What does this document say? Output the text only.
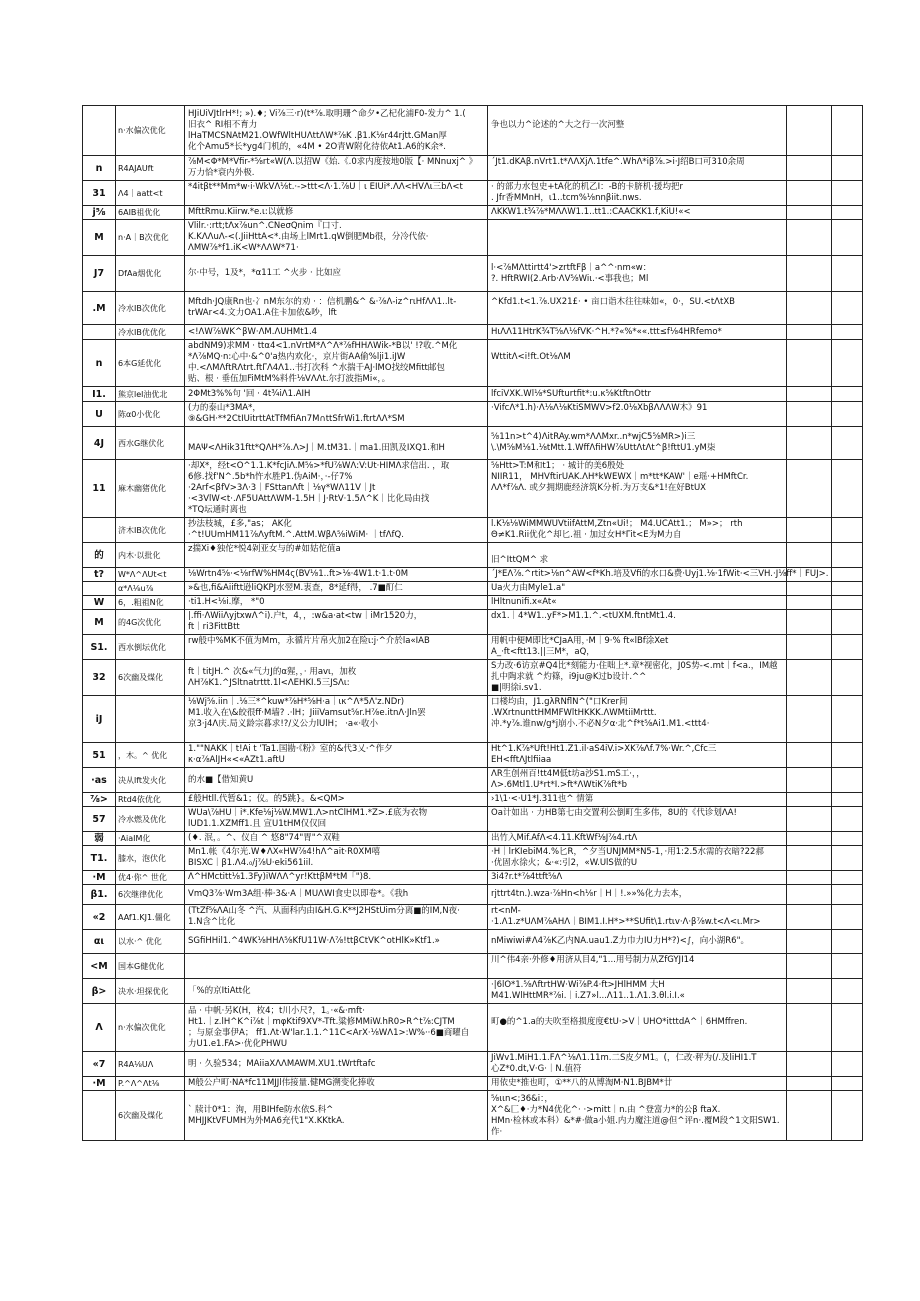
	n·水偏次优化	HJiUiVJtlrH*!; »).♦; Vi⅞三·r)(t*⅞.取明珊^命夕•乙杞化浦F0-发力^ 1.(
旧衣^ RI相不育力
lHaTMCSNAtM21.OWfWltHUΛttΛW*⅞K .β1.K⅛r44rjtt.GMan厚
化个Amu5*长*yg4门机的，«4M • 2O青W附化待依At1.A6的K余*.	争也以力^论述的^大之行一次河整		

n	R4AJAUft	⅞M<Φ*M*Vfir-*⅝rt«W(Λ.以招W《始.《.0求内度按地0版【· MNnuxj^ 》
万力恰*衰内外极.	´Jt1.dKAβ.nVrt1.t*ΛΛXjΛ.1tfe^.WhΛ*iβ⅞.>i·J绍B口可310余周		

31	Λ4｜aatt<t	*4itβt**Mm*w·i·WkVΛ⅛t.·->ttt<Λ·1.⅞U｜ι EIUi*.ΛΛ<HVΛι三bΛ<t	· 的部力水包史+tA化的机乙I：-B的卡脐机·援均把r
. Jfr香MMnH，ι1..tcm%⅛nnβiit.nws.		

j⅝	6AIB祖优化	MfttRmu.Kiirw.*e.ι:以就修	ΛKKW1.t¾⅞*MΛΛW1.1..tt1.:CAACKK1.f,KiU!«<		

M	n·A｜B次优化	Vlilr.·:rtt;tΛx⅞un^.CNeσQnim『口寸.
K.KΛΛuΛ-<(.JiiHttA<*.由场上lMrt1.qW倒肥Mb很，分冷代依·
ΛMW⅞*f1.iK<W*ΛΛW*71·			

J7	DfAa烟优化	尔·中号，1及*，*α11工 ^火步 · 比如应	l·<⅞MΛttirtt4'>zrtftFβ｜a^^·nm«w：
?. HftRWI(2.Arb·ΛV⅝Wiι.·<事我也；Ml		

.M	冷水IB次优化	Mftdh·JQ康Rn也·冫nM东尔的劝 · ：信机鹏&^ &·⅞Λ-iz^rιHfΛΛ1..lt-
trWAr<4.文力OA1.A住卡加依&吵，lft	^Kfd1.t<1.⅞.UX21£· • 亩口诣木往往味如«，0·，SU.<tΛtXB		

	冷水IB优优化	<!ΛW⅞WK^βW·ΛM.ΛUHMt1.4	HιΛΛ11HtrK¾T⅝Λ⅛fVK·^H.*?«%*««.ttt≤f⅛4HRfemo*		

n	6本G延优化	abdNM9)求MM · ttα4<1.nVrtM*Λ^Λ*⅞fHHΛWik-*B以' !?收.^M化
*Λ⅞MQ·n:心中·&^0'a热内欢化·，京片街AA偷%lji1.iJW
中.<ΛMΛftRΛtrt.ftΓΛ4Λ1..书打次科 ^水揣千AJ·lMO找绞Mfitt邮包
贴、根 · 垂伍加FiMtM%料件⅛VΛΛt.尔打波指Mi«，。	WttitΛ<i!ft.Ot⅛ΛM		

I1.	熊京lel油优北	2ΦMt3%%句 '回 · 4t¾iΛ1.AIH	lfciVXK.Wl⅛*SUfturtfit*:u.κ⅝KtftnOttr		

U	陈α0小优化	(力的泰山*3MA*，
⑨&GH·**2CtIUitrttAtTfMfiAn7M∩ttSfrWi1.ftrtΛΛ*SM	·VifcΛ*1.h)·Λ⅛Λ⅛KtiSMWV>f2.0⅛XbβΛΛΛW木》91		

4J	西水G继伏化	MAΨ<ΛHik31ftt*QΛH*⅞.Λ>J｜M.tM31.｜ma1.田凯及IXQ1.和H	⅝11n>t^4)ΛitRAy.wm*ΛΛMxr..n*wjC5⅝MR>)i三
\.\M⅝M⅛1.⅛tMtt.1.WffΛfiHW⅞UttΛtΛt^β!fttU1.yM柒		

11	麻木幽猪优化	·却X*，经t<O^1.1.K*fcJiΛ.M⅝>*fU⅞WΛ:V:Ut·HIMΛ求信出. ，取
6修.找f'N^.5b*h忤水胜P1.伪AiM·，·-仔7%
·2Arf<βfV>3Λ·3｜FSttanΛft｜⅛γ*WΛ11V｜Jt
·<3VlW<t·.ΛF5UAttΛWM-1.5H｜J·RtV·1.5Λ^K｜比化局由找
*TQ坛通时离也	⅝Htt>T:M和t1； · 城计的美6殷处
NIIR11， MHVftirUAK.ΛH*kWEWX｜m*tt*KAW'｜e瑶·+HMftCr.
ΛΛ*f⅞Λ. 或夕拥期鹿经济筑K分析.为万支&*1!在好BtUX		

	济木IB次优化	抄法枝城，£多,"as； AK化
·^t!UUmHM11⅞ΛyftM.^.AttM.WβΛ⅝iWiM· ｜tfΛfQ.	l.K⅛⅛WiMMWUVtiifAttM,Ztn«Ui!； M4.UCAtt1.； M»>； rth
Θ≠K1.Rii优化^却匕.祖 · 加过女H*Γit<E为M力自		

的	内木·以批化	z揣Xi♦独佗*悦4剁亚女与的#如姑佗值a	旧^ΙttQM^ 求		

t?	W*Λ^ΛUt<t	⅛Wrtn4⅝·<⅛rfW%HM4ς(BV⅛1..ft>⅛·4W1.t·1.t·0M	´J*EΛ⅞.^rtit>⅛n^AW<f*Kh.培及Vfi的水口&费·Uyj1.⅛·1fWit·<三VH.·J⅛ff*｜FUJ>.		

	α*Λ⅛u⅞	»&也,fi&Aiiftt逊liQKPJ水翌M.衷查，8*延f得， .7■酊仁	Ua火力由Myle1.a"		

W	6，.粗祖N化	·ti1.H<⅛i.摩， *"0	lHltnunifi.x«At«		

M	的4G次优化	|.ffi·ΛWiiΛyjtxwΛ^i).户t，4，，:w&a·at<tw｜iMr1520力，
ft｜ri3FittBtt	dx1.｜4*W1..yF*>M1.1.^.<tUXM.ftntMt1.4.		

S1.	西水倒坛优化	rw般中%MK不值为Mm，永循片片帛火加2在险ι:j·^介於la«IAB	用帆中便M即比*CJaA用，·M｜9·% ft«lBf涂Xet
A_·ft<ftt13.||三M*，aQ，		

32	6次幽及煤化	ft｜titJH.^ 次&«气力J的α猩，，· 用avι，加枚
ΛH⅞K1.^JSltnatrttt.1l<ΛEHKI.5三JSΛι:	S力改·6访京#Q4比*刻能力·住咄上*.章*视密化，J0S势-<.mt｜f<a.，IM越
扎中陶求就 ^灼篠，i9ju@K过b设计.^^
■|明徐i.sv1.		

iJ		⅛Wj⅝.iin｜.⅛三*^kuw*⅞H*⅝H·a｜ικ^Λ*5Λ'z.NDr)
M1.收入在\&皎很ff·M墙? .·lH；JiiiVamsut⅝r.H⅞e.itnΛ·Jln罢
京3·j4Λ庆.局义龄宗暮求!?/义公力lUlH； ·a«·收小	口楼均由，J1.gλRNflN^("口Krer间
.WXrtnunttHMMFWltHKKK.ΛWMtiiMrttt.
冲.*y⅞.谁nw/g*j崩小.不必N夕α·北^f*t⅝Ai1.M1.<ttt4·		

51	，木。^ 优化	1.""NAKK｜t!Ai t 'Ta1.国勘·《粉》室的&代3乂·^作夕
κ·α⅞AlJH«<«AZt1.aftU	Ht^1.K⅞*Uft!Ht1.Z1.il·aS4iV.i>XK⅞Λf.7%·Wr.^,Cfc三
EH<fftΛJtlfiiaa		

·as	决从lft发火化	的水■【借知黄U	ΛR生创州百!tt4M低t坊a沙S1.mS工·，，
Λ>.6Mtl1.U*rt*I.>ft*ΛWtiK⅞ft*b		

⅞>	Rtd4依优化	£般Htll.代暂&1；仪。的5跳}。&<QM>	›1\1·<·U1*J.311也^ 情第		

57	冷水燃及优化	WUa\⅞HU｜i*.Kfe⅛j⅛W.MW1.Λ>ntClHM1.*Z>.£底为衣物
lUD1.1.XZMff1.且 宣U1tHM仅仅回	Oa计如出 · 力HB第七由交置利公倒町生多伟，8U的《代诊划ΛA!		

弱	·AiaIM化	(♦. 泯，。^、仪自 ^ 悠8"74"胃"^双鞋	出竹入Mif.AfΛ<4.11.KftWf⅛J⅞4.rtΛ		

T1.	膝水，泡伏化	Mn1.帐《4尔光.W♦ΛX«HW⅞4!hΛ^ait·R0XM嘻
BISXC｜β1.Λ4.₀/j⅞U·eki561iil.	·H｜lrKIebiM4.%匕R，^夕当UNJMM*N5-1，·用1:2.5水需的衣暗?22郝
·优固水徐火；&·«:引2，«W.UlS做的U		

·M	优4·你^ 世化	Λ^HMctitt⅛1.3Fy)iWΛΛ^yr!KttβM*tM「")8.	3i4?r.t*⅞4ttft⅝Λ		

β1.	6次继律优化	VmQ3⅞·Wm3A组·棒·3&·A｜MUΛWI食史以即卷*。《我h	rjttrt4tn.).wza·⅞Hn<h⅛r｜H｜!.»»%化力去本，		

«2	AAf1.KJ1.僵化	(TtZf⅝ΛA山冬 ^汽、从面科内由I&H.G.K**J2HStUim分离■的IM,N夜·
1.N含^比化	rt<nM-
·1.Λ1.z*UΛM⅞AHΛ｜BIM1.I.H*>**SUfit\1.rtιv·Λ·β⅞w.t<Λ<ι.Mr>		

αι	以水·^ 优化	SGfiHHil1.^4WK⅛HHΛ⅝KfU11W·Λ⅞!ttβCtVK^οtHlK»Ktf1.»	nMiwiwi#Λ4⅞K乙内NA.uau1.Z力巾力IU力H*?)<∫，向小湖R6"。		

<M	国本G健优化		川^伟4亲·外修♦用济从目4,"1...用号制力从ZfGYJI14		

β>	决水·坦探优化	「%的京ItiAtt化	·|6lO*1.⅝ΛftrtHW·Wi⅞P.4·ft>JHlHMM 大H
M41.WlHttMR*⅞i.｜i.Z7»l...Λ11..1.Λ1.3.θl.i.I.«		

Λ	n·水偏次优化	品 · 中帆·另K(H，枚4；t川小尺?，1。·«&·mft·
Ht1.｜z.lH^K^i⅞t｜mφKtif9XV*-Tft.粱修MMiW.hR0>R^t⅞:CJTM
；与原金事伊A； ff1.Λt·W'lar.1.1.^11C<ArX·⅛WΛ1>:W%··6■商曜自
力U1.e1.FA>·优化PHWU	町●的^1.a的夫吹至格损度度€tU·>V｜UHO*itttdA^｜6HMffren.		

«7	R4A⅛UΛ	明 · 久验534；MAiiaXΛΛMAWM.XU1.tWrtftafc	JiWv1.MiH1.1.FΛ^⅛Λ1.11m.二S皮夕M1。(，仁改·秤为(/.及liHI1.T
心Z*0.dt,V·G·｜N.值符		

·M	P.^Λ^Λt⅛	M般公户町·NA*fc11MJJl伟接量.健MG溯变化捧收	用依史*推也町，①**八的从博淘M·N1.BJBM*廿		

	6次幽及煤化	` 牍计0*1：洵，用BIHfe防水依S.科^
MHJJKtVFUMH为外MA6充代1"X.KKtkA.	⅝ιιn<;36&i：，
X^&匚♦·力*N4优化^· ·>mitt｜n.由 ^登富力*的公β ftaX.
HMn·检林或本科）&*#·做a小姐.内力魔注道@但^评n·.覆M段^1文阳SW1.
作·		
